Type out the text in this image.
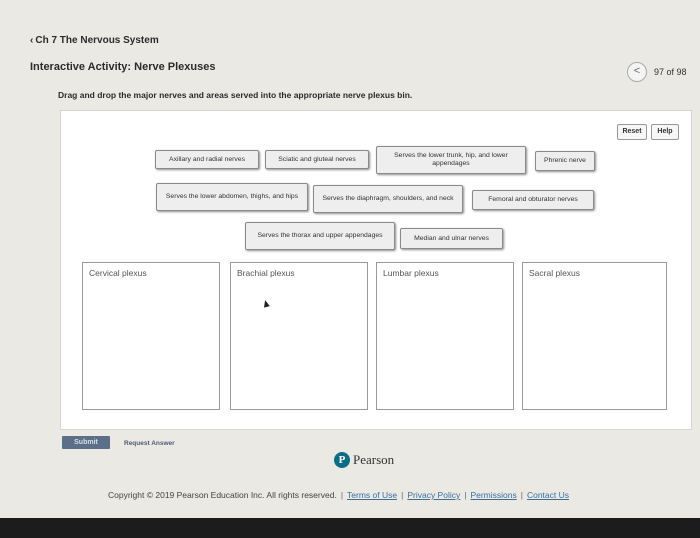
‹ Ch 7 The Nervous System
Interactive Activity: Nerve Plexuses	<	97 of 98
Drag and drop the major nerves and areas served into the appropriate nerve plexus bin.
Reset	Help
Axillary and radial nerves	Sciatic and gluteal nerves	Serves the lower trunk, hip, and lower appendages	Phrenic nerve
Serves the lower abdomen, thighs, and hips	Serves the diaphragm, shoulders, and neck	Femoral and obturator nerves
Serves the thorax and upper appendages	Median and ulnar nerves
Cervical plexus	Brachial plexus	Lumbar plexus	Sacral plexus
Submit	Request Answer
P Pearson
Copyright © 2019 Pearson Education Inc. All rights reserved. | Terms of Use | Privacy Policy | Permissions | Contact Us
